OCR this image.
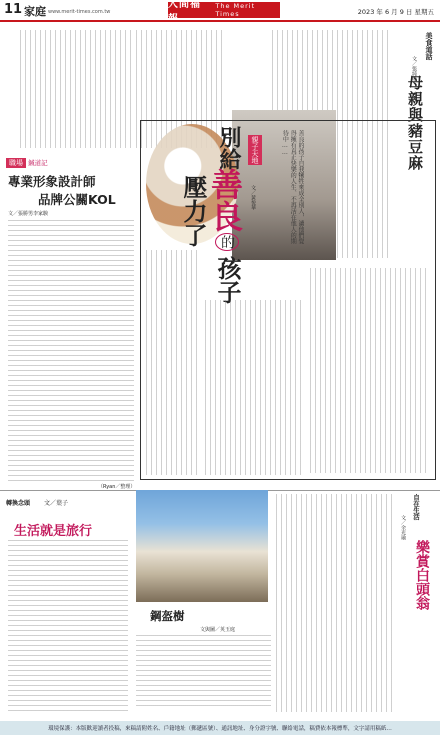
11 家庭 www.merit-times.com.tw
人間福	The Merit Times	2023 年 6 月 9 日 星期五
美食道話
文／張純瑛
母親與豬豆麻
親子天地
文／黃悦華
別給
善良
的
孩子
壓力了	善良的孩子自我犧牲來成全別人，讓他們覺得擁有真正快樂的人生、不再活在他人的期待中……
職場 鍼道記
專業形象設計師
品牌公關KOL
文／張勝男李家駿
（Ryan／整理）
轉換念頭 文／葉子
生活就是旅行
鋼盔樹
文與圖／英玉庭
自在生活
文／余光瑜
樂賞白頭翁
環境保護：本版歡迎讀者投稿，來稿請附姓名、戶籍地址（郵遞區號）、通訊地址、身分證字號、聯絡電話，稿費依本報標準，文字請用稿紙…
